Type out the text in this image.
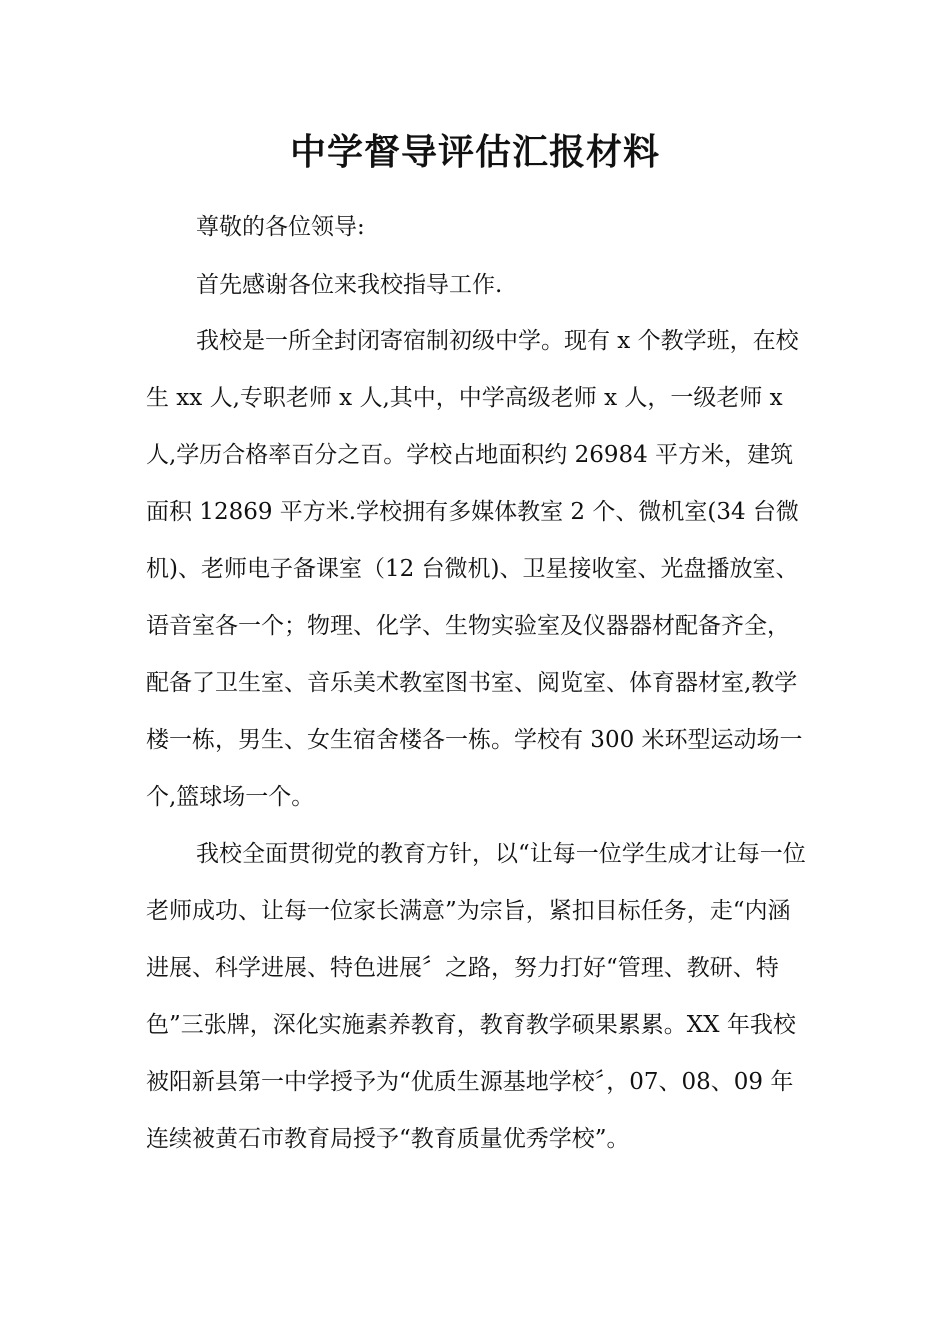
中学督导评估汇报材料

尊敬的各位领导:

首先感谢各位来我校指导工作.

我校是一所全封闭寄宿制初级中学。现有 x 个教学班，在校生 xx 人,专职老师 x 人,其中，中学高级老师 x 人，一级老师 x 人,学历合格率百分之百。学校占地面积约 26984 平方米，建筑面积 12869 平方米.学校拥有多媒体教室 2 个、微机室(34 台微机)、老师电子备课室（12 台微机)、卫星接收室、光盘播放室、语音室各一个；物理、化学、生物实验室及仪器器材配备齐全，配备了卫生室、音乐美术教室图书室、阅览室、体育器材室,教学楼一栋，男生、女生宿舍楼各一栋。学校有 300 米环型运动场一个,篮球场一个。

我校全面贯彻党的教育方针，以“让每一位学生成才让每一位老师成功、让每一位家长满意”为宗旨，紧扣目标任务，走“内涵进展、科学进展、特色进展〞之路，努力打好“管理、教研、特色”三张牌，深化实施素养教育，教育教学硕果累累。XX 年我校被阳新县第一中学授予为“优质生源基地学校〞，07、08、09 年连续被黄石市教育局授予“教育质量优秀学校”。
